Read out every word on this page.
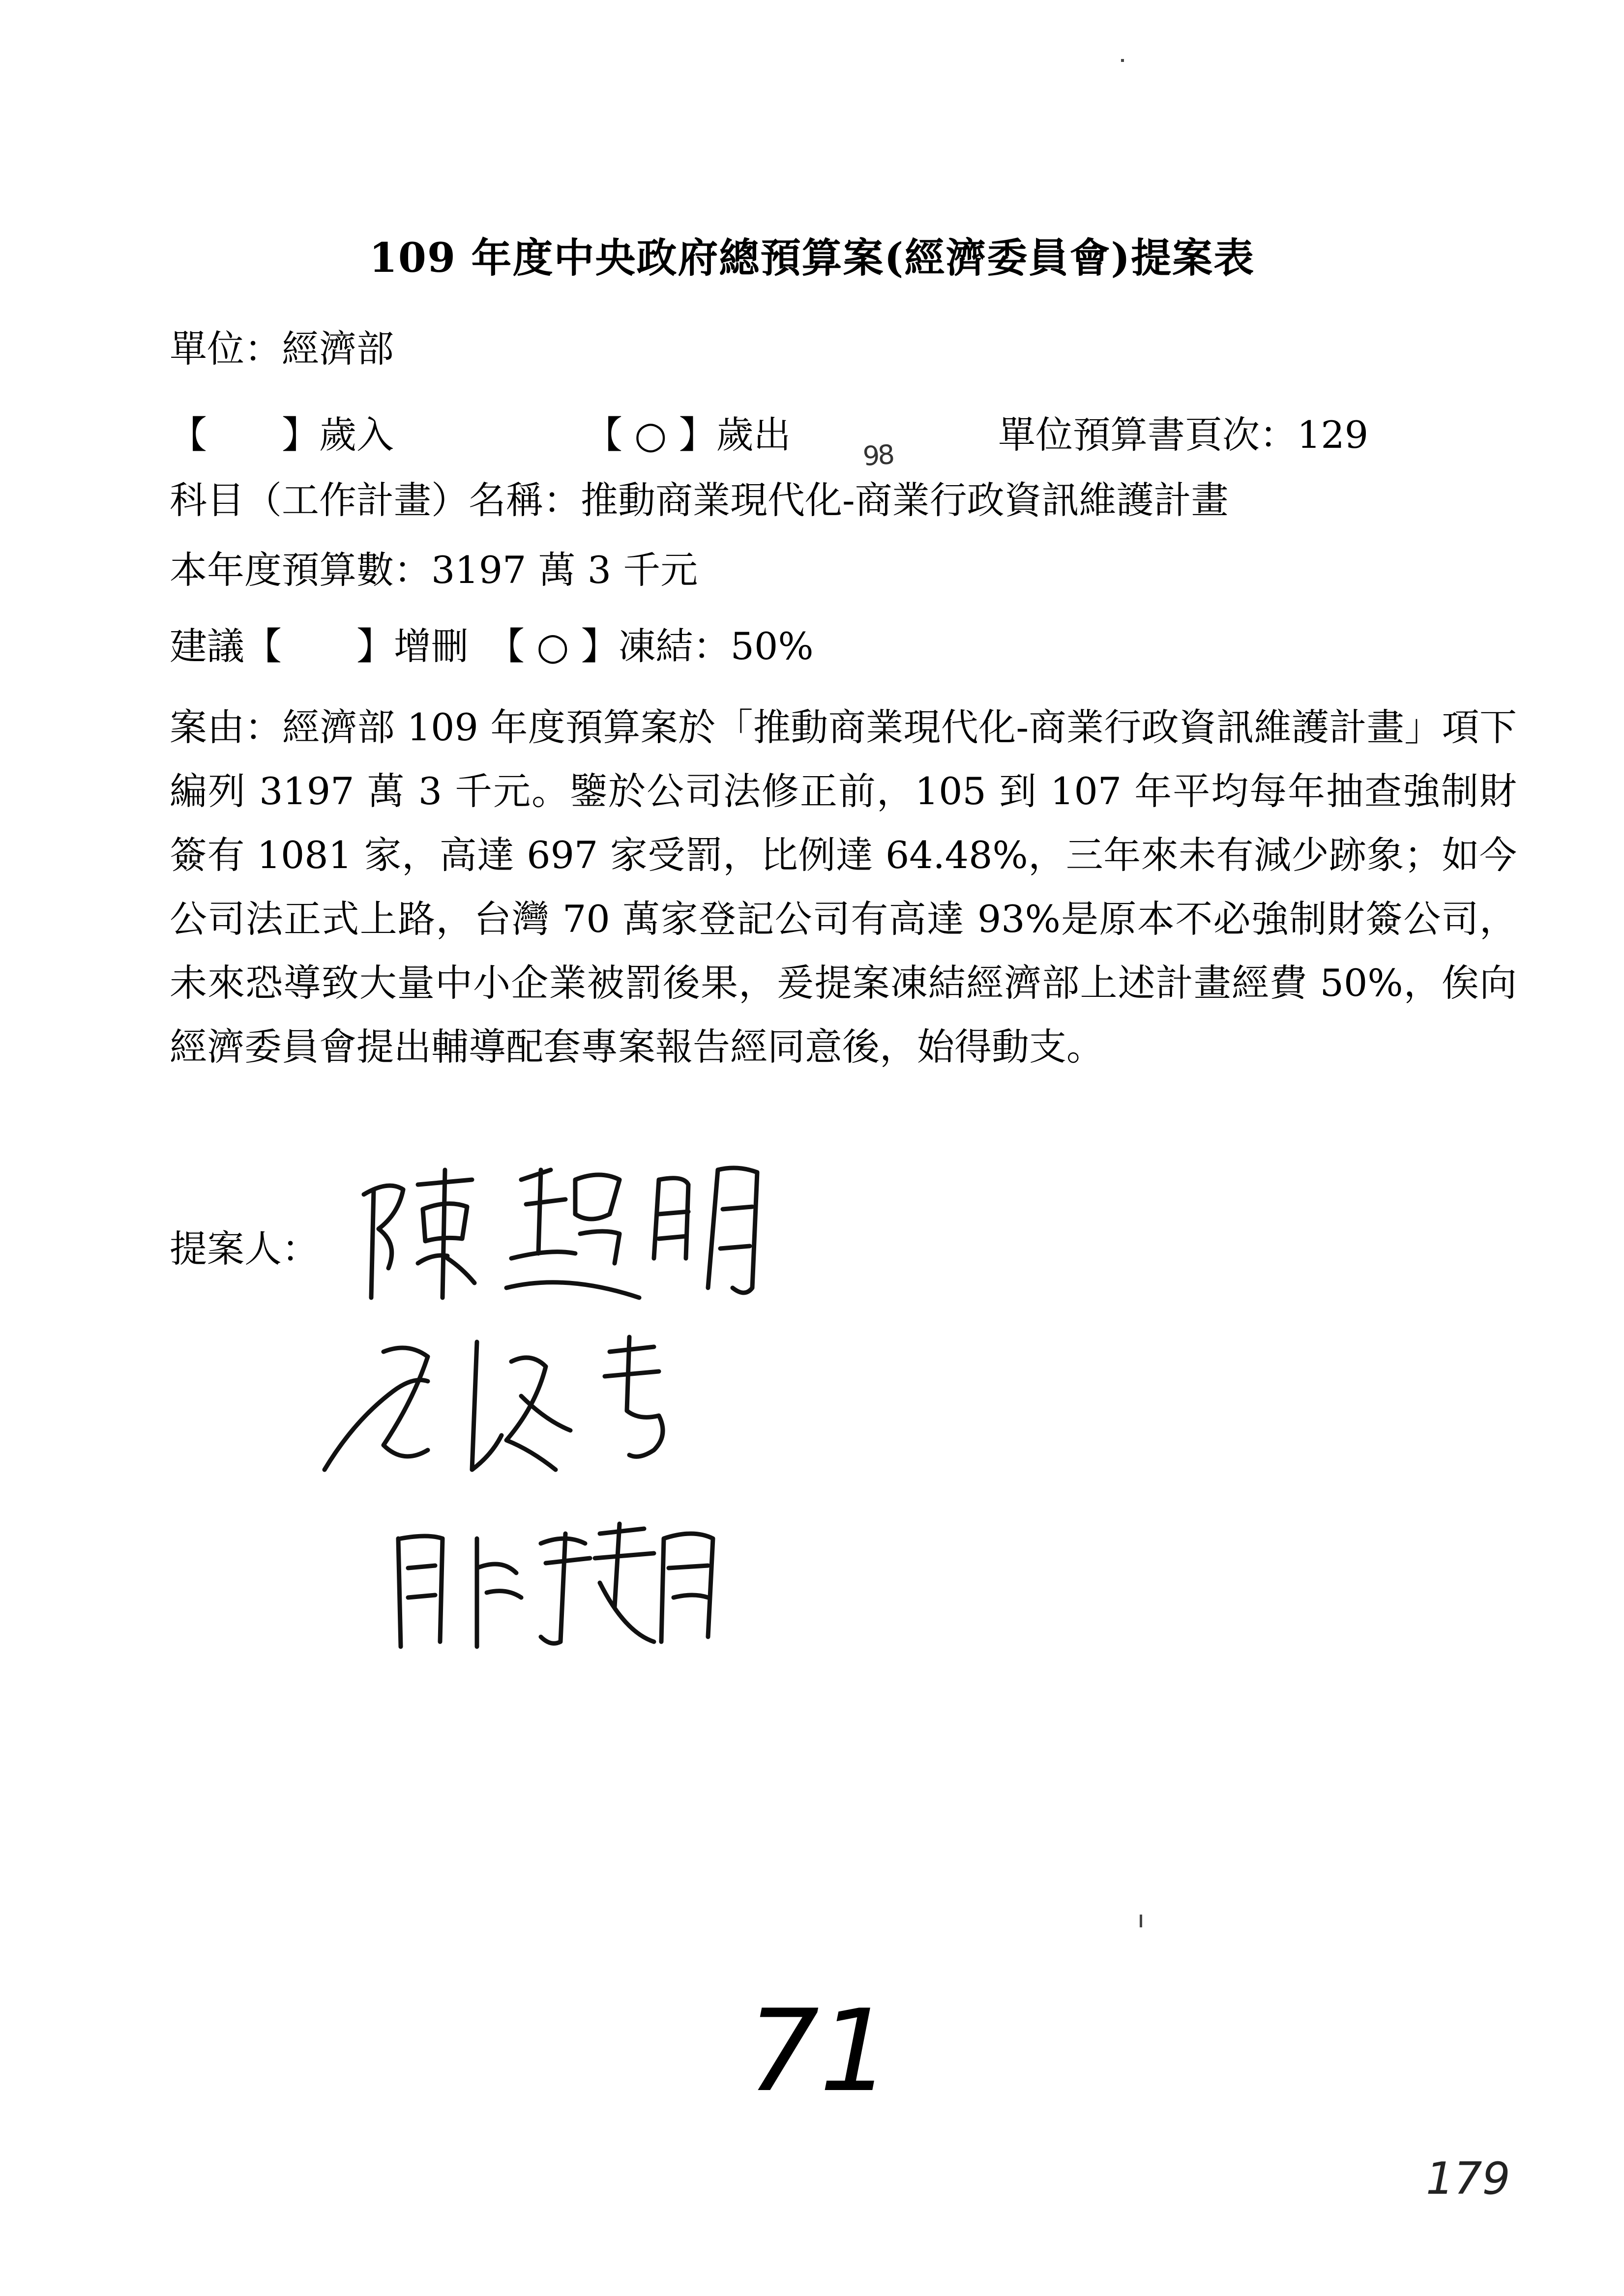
109 年度中央政府總預算案(經濟委員會)提案表
單位：經濟部
【　　】歲入	【 ○ 】歲出	單位預算書頁次：129
98
科目（工作計畫）名稱：推動商業現代化-商業行政資訊維護計畫
本年度預算數：3197 萬 3 千元
建議【　　】增刪　【 ○ 】凍結：50%
案由：經濟部 109 年度預算案於「推動商業現代化-商業行政資訊維護計畫」項下編列 3197 萬 3 千元。鑒於公司法修正前，105 到 107 年平均每年抽查強制財簽有 1081 家，高達 697 家受罰，比例達 64.48%，三年來未有減少跡象；如今公司法正式上路，台灣 70 萬家登記公司有高達 93%是原本不必強制財簽公司，未來恐導致大量中小企業被罰後果，爰提案凍結經濟部上述計畫經費 50%，俟向經濟委員會提出輔導配套專案報告經同意後，始得動支。
提案人：
71
179
